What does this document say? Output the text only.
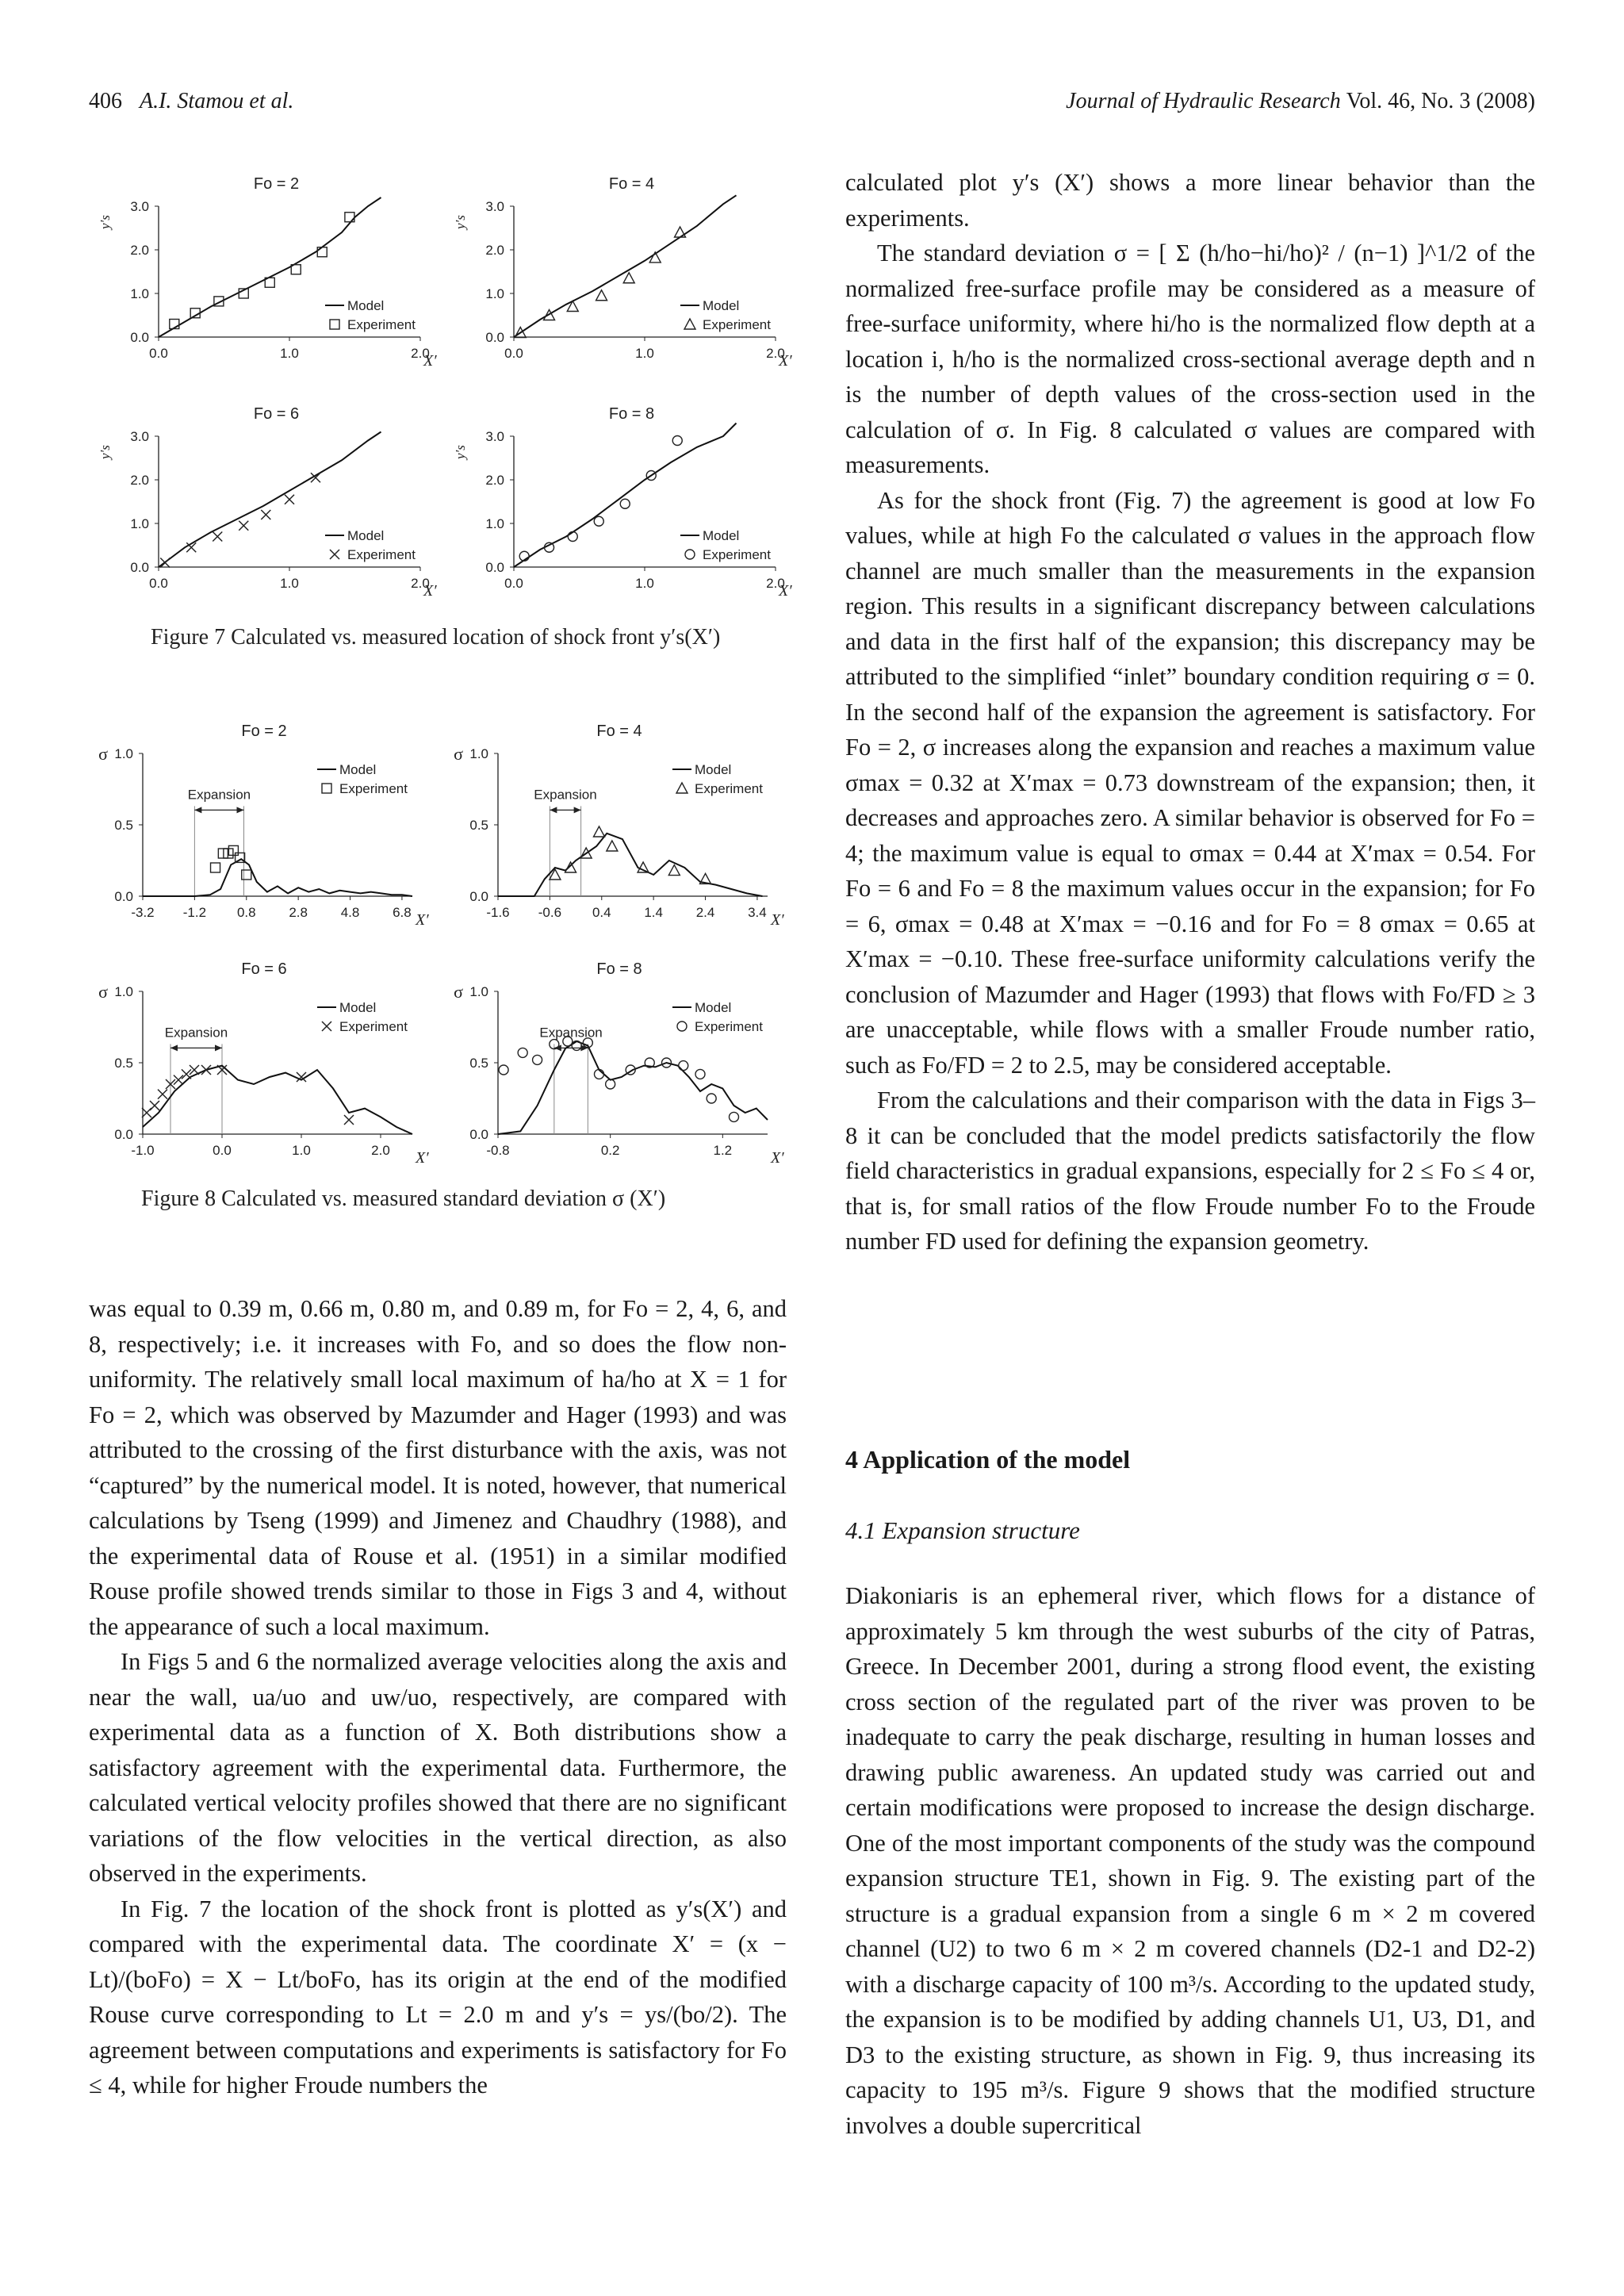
406 A.I. Stamou et al.	Journal of Hydraulic Research Vol. 46, No. 3 (2008)
Fo = 2
0.0
1.0
2.0
3.0
0.0	1.0	2.0
y′s
X′
Model
Experiment
Fo = 4
0.0
1.0
2.0
3.0
0.0	1.0	2.0
y′s
X′
Model
Experiment
Fo = 6
0.0
1.0
2.0
3.0
0.0	1.0	2.0
y′s
X′
Model
Experiment
Fo = 8
0.0
1.0
2.0
3.0
0.0	1.0	2.0
y′s
X′
Model
Experiment
Fo = 2
0.0
0.5
1.0
-3.2 -1.2 0.8 2.8 4.8 6.8
σ
X′
Expansion
Model
Experiment
Fo = 4
0.0
0.5
1.0
-1.6 -0.6 0.4 1.4 2.4 3.4
σ
X′
Expansion
Model
Experiment
Fo = 6
0.0
0.5
1.0
-1.0	0.0	1.0	2.0
σ
X′
Expansion
Model
Experiment
Fo = 8
0.0
0.5
1.0
-0.8	0.2	1.2
σ
X′
Expansion
Model
Experiment
Figure 7 Calculated vs. measured location of shock front y′s(X′)
Figure 8 Calculated vs. measured standard deviation σ (X′)

was equal to 0.39 m, 0.66 m, 0.80 m, and 0.89 m, for Fo = 2, 4, 6, and 8, respectively; i.e. it increases with Fo, and so does the flow non-uniformity. The relatively small local maximum of ha/ho at X = 1 for Fo = 2, which was observed by Mazumder and Hager (1993) and was attributed to the crossing of the first disturbance with the axis, was not “captured” by the numerical model. It is noted, however, that numerical calculations by Tseng (1999) and Jimenez and Chaudhry (1988), and the experimental data of Rouse et al. (1951) in a similar modified Rouse profile showed trends similar to those in Figs 3 and 4, without the appearance of such a local maximum.

In Figs 5 and 6 the normalized average velocities along the axis and near the wall, ua/uo and uw/uo, respectively, are compared with experimental data as a function of X. Both distributions show a satisfactory agreement with the experimental data. Furthermore, the calculated vertical velocity profiles showed that there are no significant variations of the flow velocities in the vertical direction, as also observed in the experiments.

In Fig. 7 the location of the shock front is plotted as y′s(X′) and compared with the experimental data. The coordinate X′ = (x − Lt)/(boFo) = X − Lt/boFo, has its origin at the end of the modified Rouse curve corresponding to Lt = 2.0 m and y′s = ys/(bo/2). The agreement between computations and experiments is satisfactory for Fo ≤ 4, while for higher Froude numbers the

calculated plot y′s (X′) shows a more linear behavior than the experiments.

The standard deviation σ = [ Σ (h/ho−hi/ho)² / (n−1) ]^1/2 of the normalized free-surface profile may be considered as a measure of free-surface uniformity, where hi/ho is the normalized flow depth at a location i, h/ho is the normalized cross-sectional average depth and n is the number of depth values of the cross-section used in the calculation of σ. In Fig. 8 calculated σ values are compared with measurements.

As for the shock front (Fig. 7) the agreement is good at low Fo values, while at high Fo the calculated σ values in the approach flow channel are much smaller than the measurements in the expansion region. This results in a significant discrepancy between calculations and data in the first half of the expansion; this discrepancy may be attributed to the simplified “inlet” boundary condition requiring σ = 0. In the second half of the expansion the agreement is satisfactory. For Fo = 2, σ increases along the expansion and reaches a maximum value σmax = 0.32 at X′max = 0.73 downstream of the expansion; then, it decreases and approaches zero. A similar behavior is observed for Fo = 4; the maximum value is equal to σmax = 0.44 at X′max = 0.54. For Fo = 6 and Fo = 8 the maximum values occur in the expansion; for Fo = 6, σmax = 0.48 at X′max = −0.16 and for Fo = 8 σmax = 0.65 at X′max = −0.10. These free-surface uniformity calculations verify the conclusion of Mazumder and Hager (1993) that flows with Fo/FD ≥ 3 are unacceptable, while flows with a smaller Froude number ratio, such as Fo/FD = 2 to 2.5, may be considered acceptable.

From the calculations and their comparison with the data in Figs 3–8 it can be concluded that the model predicts satisfactorily the flow field characteristics in gradual expansions, especially for 2 ≤ Fo ≤ 4 or, that is, for small ratios of the flow Froude number Fo to the Froude number FD used for defining the expansion geometry.

4 Application of the model
4.1 Expansion structure

Diakoniaris is an ephemeral river, which flows for a distance of approximately 5 km through the west suburbs of the city of Patras, Greece. In December 2001, during a strong flood event, the existing cross section of the regulated part of the river was proven to be inadequate to carry the peak discharge, resulting in human losses and drawing public awareness. An updated study was carried out and certain modifications were proposed to increase the design discharge. One of the most important components of the study was the compound expansion structure TE1, shown in Fig. 9. The existing part of the structure is a gradual expansion from a single 6 m × 2 m covered channel (U2) to two 6 m × 2 m covered channels (D2-1 and D2-2) with a discharge capacity of 100 m³/s. According to the updated study, the expansion is to be modified by adding channels U1, U3, D1, and D3 to the existing structure, as shown in Fig. 9, thus increasing its capacity to 195 m³/s. Figure 9 shows that the modified structure involves a double supercritical
